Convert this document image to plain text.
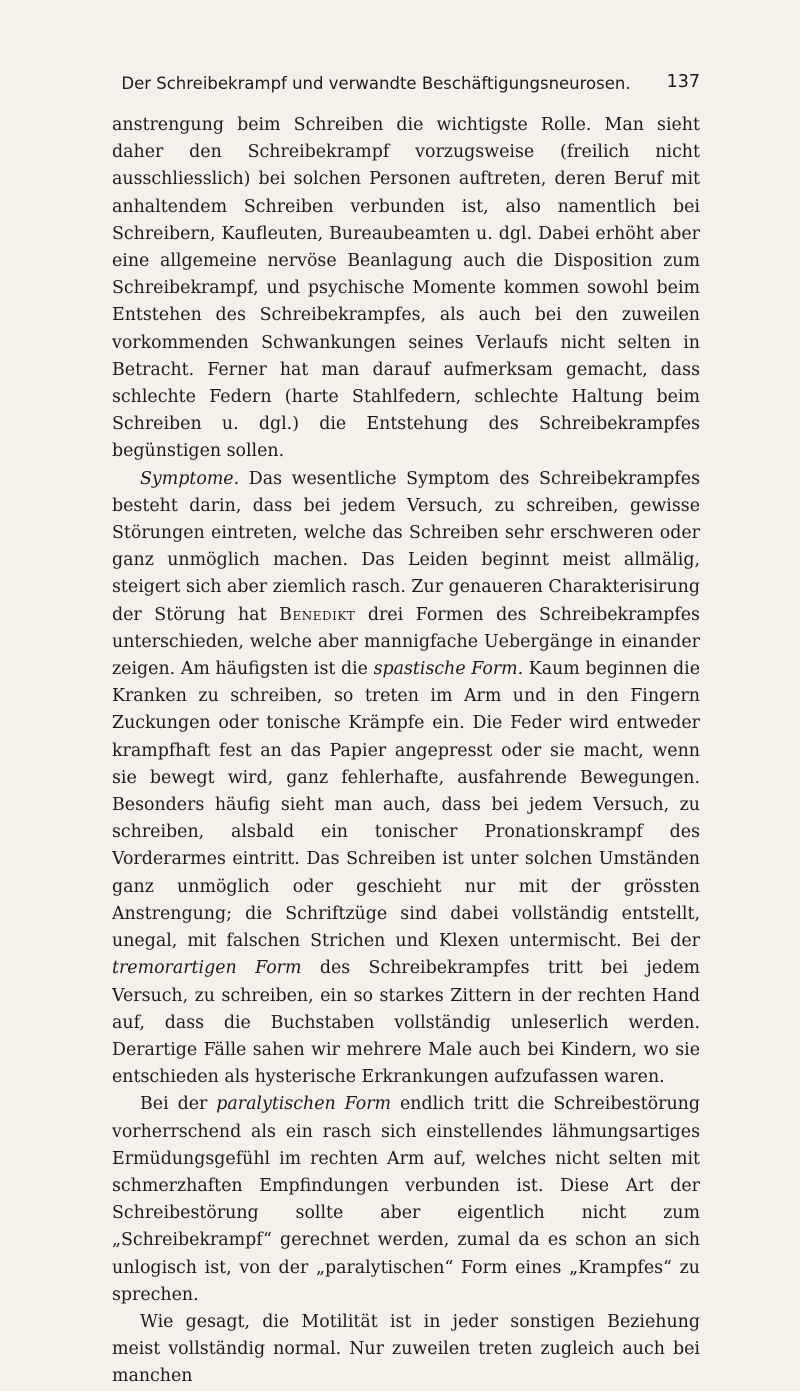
Der Schreibekrampf und verwandte Beschäftigungsneurosen.	137

anstrengung beim Schreiben die wichtigste Rolle. Man sieht daher den Schreibekrampf vorzugsweise (freilich nicht ausschliesslich) bei solchen Personen auftreten, deren Beruf mit anhaltendem Schreiben verbunden ist, also namentlich bei Schreibern, Kaufleuten, Bureaubeamten u. dgl. Dabei erhöht aber eine allgemeine nervöse Beanlagung auch die Disposition zum Schreibekrampf, und psychische Momente kommen sowohl beim Entstehen des Schreibekrampfes, als auch bei den zuweilen vorkommenden Schwankungen seines Verlaufs nicht selten in Betracht. Ferner hat man darauf aufmerksam gemacht, dass schlechte Federn (harte Stahlfedern, schlechte Haltung beim Schreiben u. dgl.) die Entstehung des Schreibekrampfes begünstigen sollen.

Symptome. Das wesentliche Symptom des Schreibekrampfes besteht darin, dass bei jedem Versuch, zu schreiben, gewisse Störungen eintreten, welche das Schreiben sehr erschweren oder ganz unmöglich machen. Das Leiden beginnt meist allmälig, steigert sich aber ziemlich rasch. Zur genaueren Charakterisirung der Störung hat Benedikt drei Formen des Schreibekrampfes unterschieden, welche aber mannigfache Uebergänge in einander zeigen. Am häufigsten ist die spastische Form. Kaum beginnen die Kranken zu schreiben, so treten im Arm und in den Fingern Zuckungen oder tonische Krämpfe ein. Die Feder wird entweder krampfhaft fest an das Papier angepresst oder sie macht, wenn sie bewegt wird, ganz fehlerhafte, ausfahrende Bewegungen. Besonders häufig sieht man auch, dass bei jedem Versuch, zu schreiben, alsbald ein tonischer Pronationskrampf des Vorderarmes eintritt. Das Schreiben ist unter solchen Umständen ganz unmöglich oder geschieht nur mit der grössten Anstrengung; die Schriftzüge sind dabei vollständig entstellt, unegal, mit falschen Strichen und Klexen untermischt. Bei der tremorartigen Form des Schreibekrampfes tritt bei jedem Versuch, zu schreiben, ein so starkes Zittern in der rechten Hand auf, dass die Buchstaben vollständig unleserlich werden. Derartige Fälle sahen wir mehrere Male auch bei Kindern, wo sie entschieden als hysterische Erkrankungen aufzufassen waren.

Bei der paralytischen Form endlich tritt die Schreibestörung vorherrschend als ein rasch sich einstellendes lähmungsartiges Ermüdungsgefühl im rechten Arm auf, welches nicht selten mit schmerzhaften Empfindungen verbunden ist. Diese Art der Schreibestörung sollte aber eigentlich nicht zum „Schreibekrampf“ gerechnet werden, zumal da es schon an sich unlogisch ist, von der „paralytischen“ Form eines „Krampfes“ zu sprechen.

Wie gesagt, die Motilität ist in jeder sonstigen Beziehung meist vollständig normal. Nur zuweilen treten zugleich auch bei manchen
